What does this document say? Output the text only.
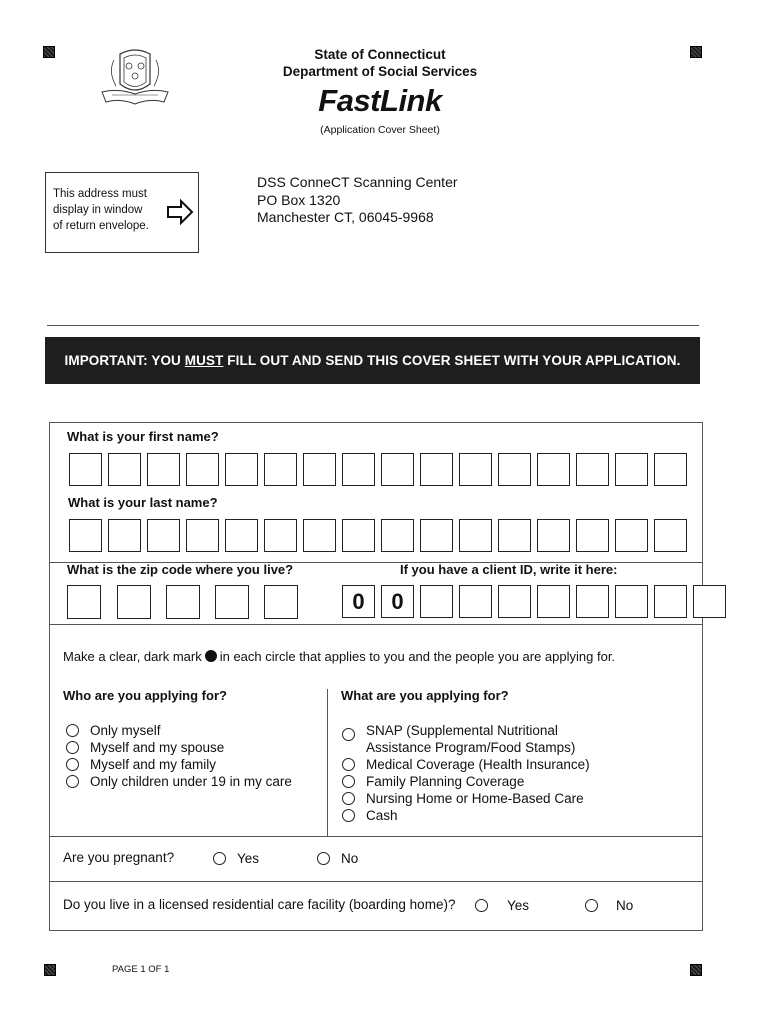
State of Connecticut
Department of Social Services
FastLink
(Application Cover Sheet)
This address must
display in window
of return envelope.
DSS ConneCT Scanning Center
PO Box 1320
Manchester CT, 06045-9968
IMPORTANT: YOU MUST FILL OUT AND SEND THIS COVER SHEET WITH YOUR APPLICATION.
What is your first name?
What is your last name?
What is the zip code where you live?	If you have a client ID, write it here:
0	0
Make a clear, dark mark in each circle that applies to you and the people you are applying for.
Who are you applying for?
Only myself
Myself and my spouse
Myself and my family
Only children under 19 in my care
What are you applying for?
SNAP (Supplemental Nutritional
Assistance Program/Food Stamps)
Medical Coverage (Health Insurance)
Family Planning Coverage
Nursing Home or Home-Based Care
Cash
Are you pregnant?	Yes	No
Do you live in a licensed residential care facility (boarding home)?	Yes	No
PAGE 1 OF 1
